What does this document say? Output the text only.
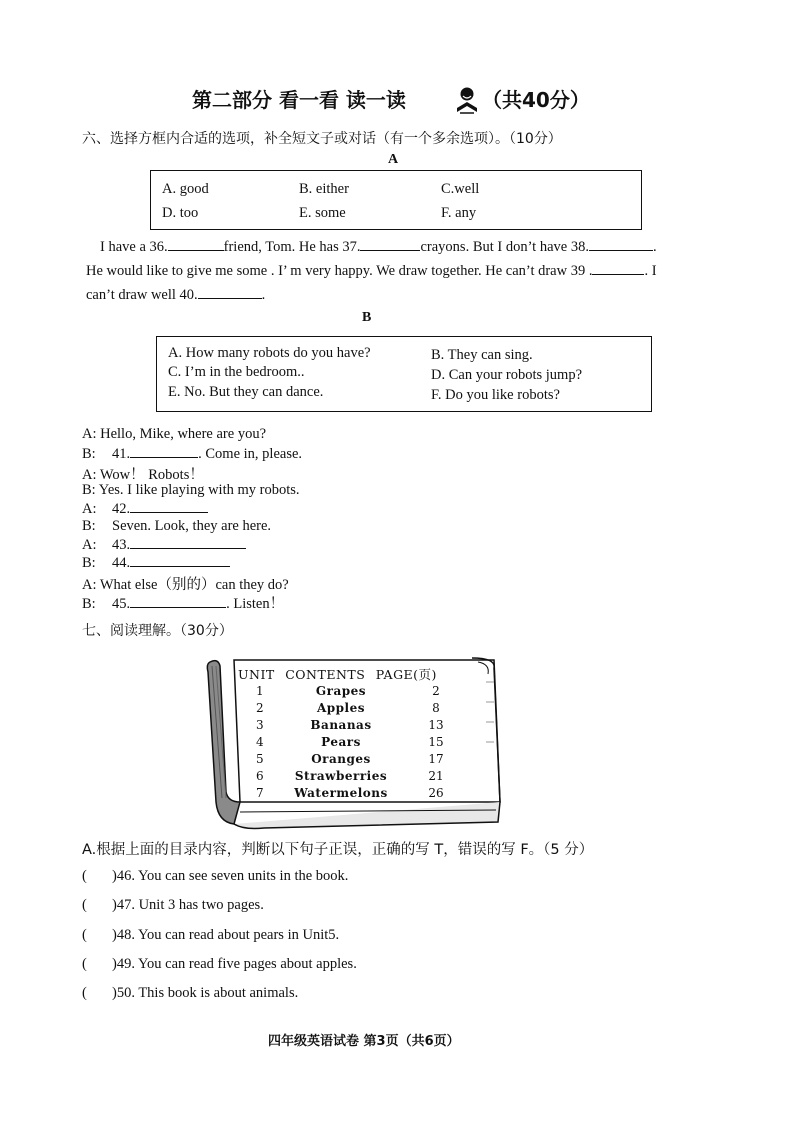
第二部分 看一看 读一读	（共40分）
六、选择方框内合适的选项，补全短文子或对话（有一个多余选项）。（10分）
A
A. good	B. either	C.well
D. too	E. some	F. any
I have a 36.	friend, Tom. He has 37.	crayons. But I don’t have 38.	.
He would like to give me some . I’ m very happy. We draw together. He can’t draw 39 .	. I
can’t draw well 40.	.
B
A. How many robots do you have?	B. They can sing.
C. I’m in the bedroom..	D. Can your robots jump?
E. No. But they can dance.	F. Do you like robots?
A: Hello, Mike, where are you?
B: 41.	. Come in, please.
A: Wow！ Robots！
B: Yes. I like playing with my robots.
A: 42.
B: Seven. Look, they are here.
A: 43.
B: 44.
A: What else（别的）can they do?
B: 45.	. Listen！
七、阅读理解。（30分）
UNIT CONTENTS PAGE(页)
1	Grapes	2
2	Apples	8
3	Bananas	13
4	Pears	15
5	Oranges	17
6	Strawberries	21
7	Watermelons	26
A.根据上面的目录内容，判断以下句子正误，正确的写 T，错误的写 F。（5 分）
( )46. You can see seven units in the book.
( )47. Unit 3 has two pages.
( )48. You can read about pears in Unit5.
( )49. You can read five pages about apples.
( )50. This book is about animals.
四年级英语试卷 第3页（共6页）
